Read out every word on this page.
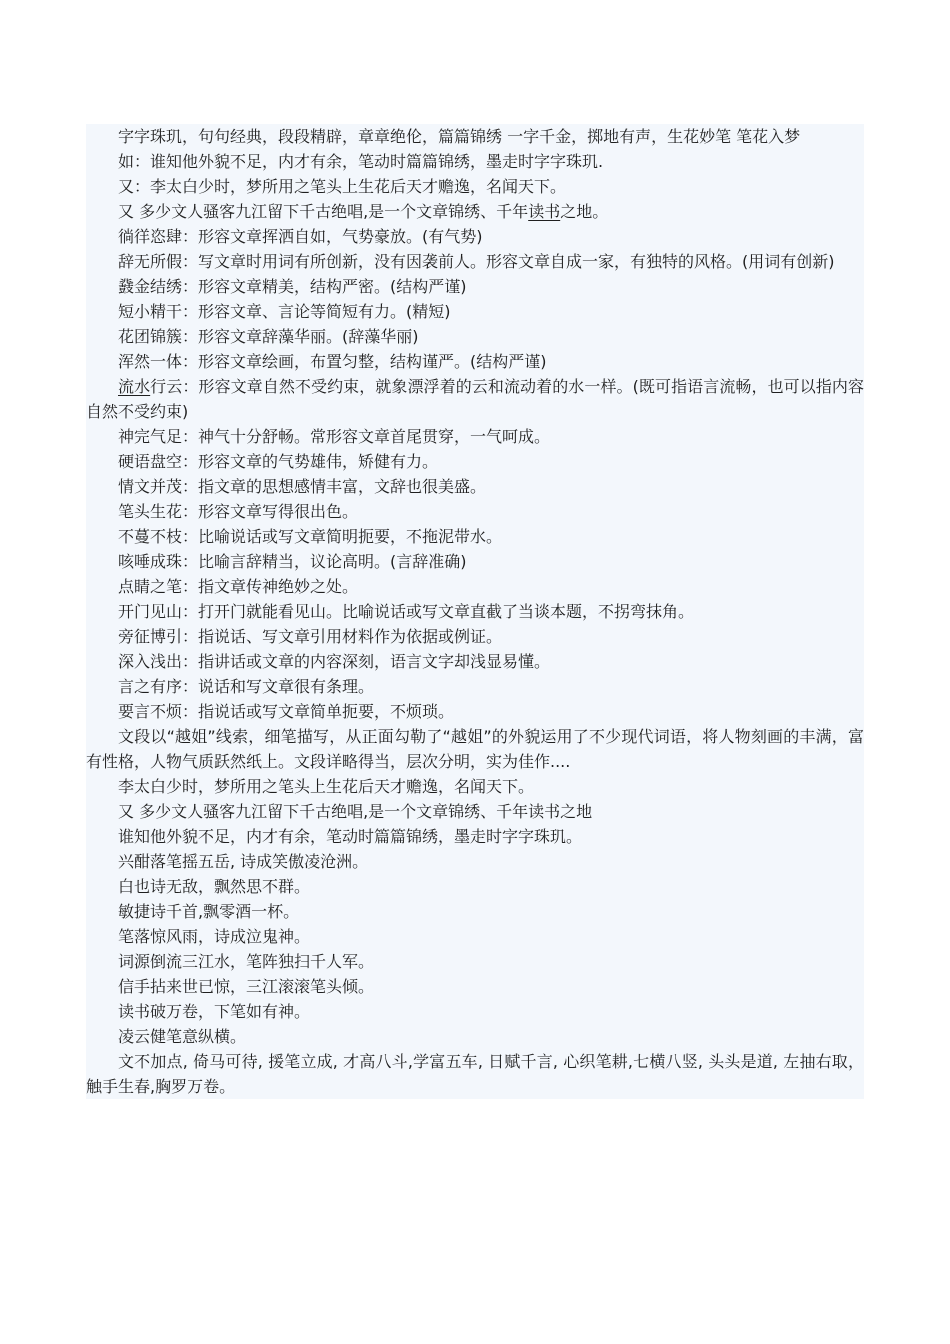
字字珠玑，句句经典，段段精辟，章章绝伦，篇篇锦绣 一字千金，掷地有声，生花妙笔 笔花入梦

如：谁知他外貌不足，内才有余，笔动时篇篇锦绣，墨走时字字珠玑.

又：李太白少时，梦所用之笔头上生花后天才赡逸，名闻天下。

又 多少文人骚客九江留下千古绝唱,是一个文章锦绣、千年读书之地。

徜徉恣肆：形容文章挥洒自如，气势豪放。(有气势)

辞无所假：写文章时用词有所创新，没有因袭前人。形容文章自成一家，有独特的风格。(用词有创新)

鼗金结绣：形容文章精美，结构严密。(结构严谨)

短小精干：形容文章、言论等简短有力。(精短)

花团锦簇：形容文章辞藻华丽。(辞藻华丽)

浑然一体：形容文章绘画，布置匀整，结构谨严。(结构严谨)

流水行云：形容文章自然不受约束，就象漂浮着的云和流动着的水一样。(既可指语言流畅，也可以指内容自然不受约束)

神完气足：神气十分舒畅。常形容文章首尾贯穿，一气呵成。

硬语盘空：形容文章的气势雄伟，矫健有力。

情文并茂：指文章的思想感情丰富，文辞也很美盛。

笔头生花：形容文章写得很出色。

不蔓不枝：比喻说话或写文章简明扼要，不拖泥带水。

咳唾成珠：比喻言辞精当，议论高明。(言辞准确)

点睛之笔：指文章传神绝妙之处。

开门见山：打开门就能看见山。比喻说话或写文章直截了当谈本题，不拐弯抹角。

旁征博引：指说话、写文章引用材料作为依据或例证。

深入浅出：指讲话或文章的内容深刻，语言文字却浅显易懂。

言之有序：说话和写文章很有条理。

要言不烦：指说话或写文章简单扼要，不烦琐。

文段以“越姐”线索，细笔描写，从正面勾勒了“越姐”的外貌运用了不少现代词语，将人物刻画的丰满，富有性格，人物气质跃然纸上。文段详略得当，层次分明，实为佳作....

李太白少时，梦所用之笔头上生花后天才赡逸，名闻天下。

又 多少文人骚客九江留下千古绝唱,是一个文章锦绣、千年读书之地

谁知他外貌不足，内才有余，笔动时篇篇锦绣，墨走时字字珠玑。

兴酣落笔摇五岳, 诗成笑傲凌沧洲。

白也诗无敌，飘然思不群。

敏捷诗千首,飘零酒一杯。

笔落惊风雨，诗成泣鬼神。

词源倒流三江水，笔阵独扫千人军。

信手拈来世已惊，三江滚滚笔头倾。

读书破万卷，下笔如有神。

凌云健笔意纵横。

文不加点, 倚马可待, 援笔立成, 才高八斗,学富五车, 日赋千言, 心织笔耕,七横八竖, 头头是道, 左抽右取，触手生春,胸罗万卷。
